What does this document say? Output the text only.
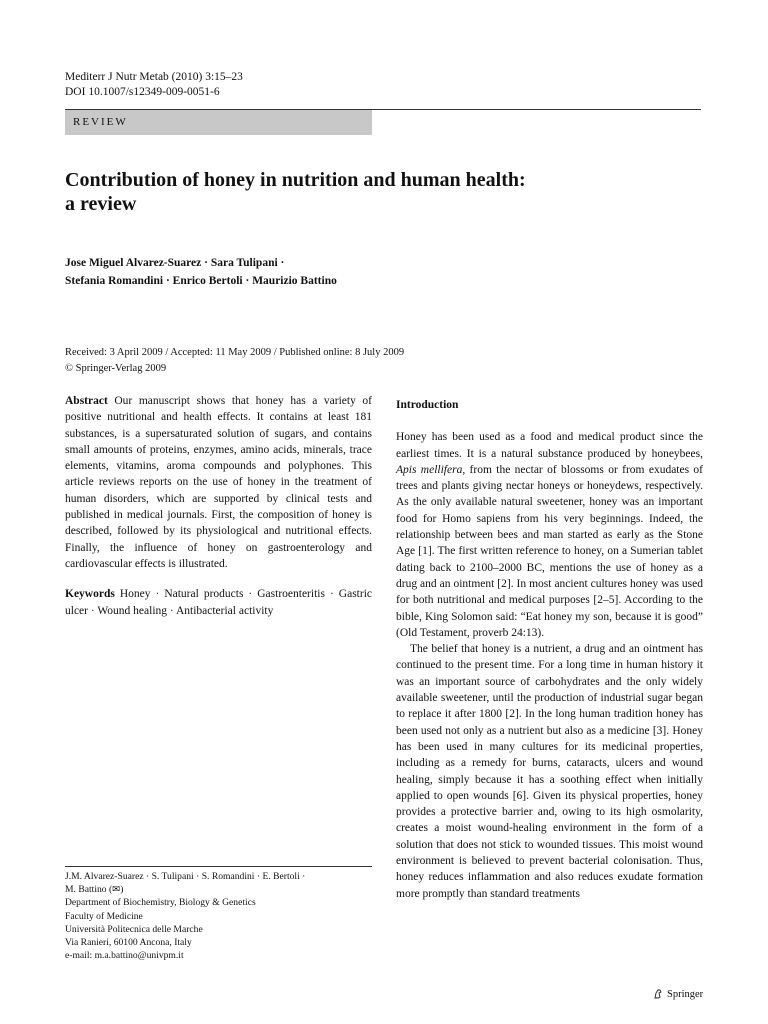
Mediterr J Nutr Metab (2010) 3:15–23
DOI 10.1007/s12349-009-0051-6
REVIEW
Contribution of honey in nutrition and human health:
a review
Jose Miguel Alvarez-Suarez · Sara Tulipani ·
Stefania Romandini · Enrico Bertoli · Maurizio Battino
Received: 3 April 2009 / Accepted: 11 May 2009 / Published online: 8 July 2009
© Springer-Verlag 2009

Abstract Our manuscript shows that honey has a variety of positive nutritional and health effects. It contains at least 181 substances, is a supersaturated solution of sugars, and contains small amounts of proteins, enzymes, amino acids, minerals, trace elements, vitamins, aroma compounds and polyphones. This article reviews reports on the use of honey in the treatment of human disorders, which are supported by clinical tests and published in medical journals. First, the composition of honey is described, followed by its physiological and nutritional effects. Finally, the influence of honey on gastroenterology and cardiovascular effects is illustrated.

Keywords Honey · Natural products · Gastroenteritis · Gastric ulcer · Wound healing · Antibacterial activity

Introduction

Honey has been used as a food and medical product since the earliest times. It is a natural substance produced by honeybees, Apis mellifera, from the nectar of blossoms or from exudates of trees and plants giving nectar honeys or honeydews, respectively. As the only available natural sweetener, honey was an important food for Homo sapiens from his very beginnings. Indeed, the relationship between bees and man started as early as the Stone Age [1]. The first written reference to honey, on a Sumerian tablet dating back to 2100–2000 BC, mentions the use of honey as a drug and an ointment [2]. In most ancient cultures honey was used for both nutritional and medical purposes [2–5]. According to the bible, King Solomon said: “Eat honey my son, because it is good” (Old Testament, proverb 24:13).

The belief that honey is a nutrient, a drug and an ointment has continued to the present time. For a long time in human history it was an important source of carbohydrates and the only widely available sweetener, until the production of industrial sugar began to replace it after 1800 [2]. In the long human tradition honey has been used not only as a nutrient but also as a medicine [3]. Honey has been used in many cultures for its medicinal properties, including as a remedy for burns, cataracts, ulcers and wound healing, simply because it has a soothing effect when initially applied to open wounds [6]. Given its physical properties, honey provides a protective barrier and, owing to its high osmolarity, creates a moist wound-healing environment in the form of a solution that does not stick to wounded tissues. This moist wound environment is believed to prevent bacterial colonisation. Thus, honey reduces inflammation and also reduces exudate formation more promptly than standard treatments

J.M. Alvarez-Suarez · S. Tulipani · S. Romandini · E. Bertoli ·
M. Battino (✉)
Department of Biochemistry, Biology & Genetics
Faculty of Medicine
Università Politecnica delle Marche
Via Ranieri, 60100 Ancona, Italy
e-mail: m.a.battino@univpm.it
Springer
